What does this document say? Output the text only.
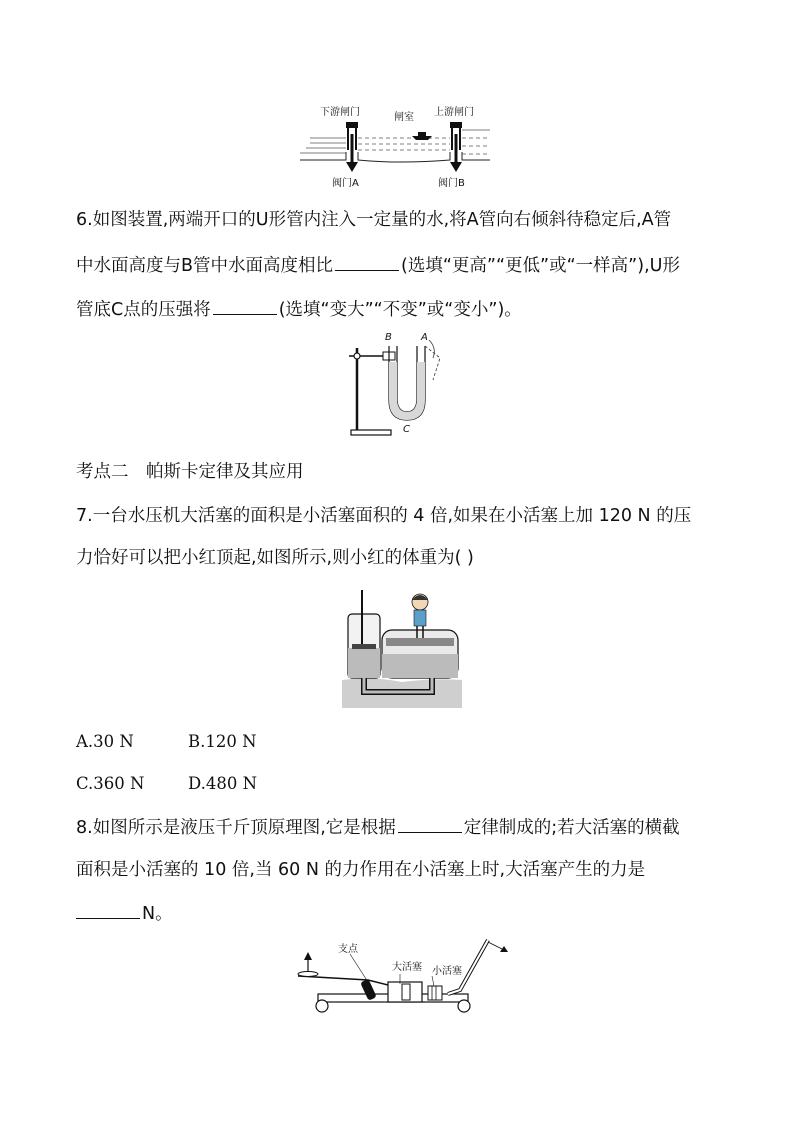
下游闸门	闸室 上游闸门
阀门A	阀门B
6.如图装置,两端开口的U形管内注入一定量的水,将A管向右倾斜待稳定后,A管
中水面高度与B管中水面高度相比	(选填“更高”“更低”或“一样高”),U形
管底C点的压强将	(选填“变大”“不变”或“变小”)。
B	A
C
考点二　帕斯卡定律及其应用
7.一台水压机大活塞的面积是小活塞面积的 4 倍,如果在小活塞上加 120 N 的压
力恰好可以把小红顶起,如图所示,则小红的体重为( )
A.30 N	B.120 N
C.360 N	D.480 N
8.如图所示是液压千斤顶原理图,它是根据	定律制成的;若大活塞的横截
面积是小活塞的 10 倍,当 60 N 的力作用在小活塞上时,大活塞产生的力是
N。
支点
大活塞 小活塞
